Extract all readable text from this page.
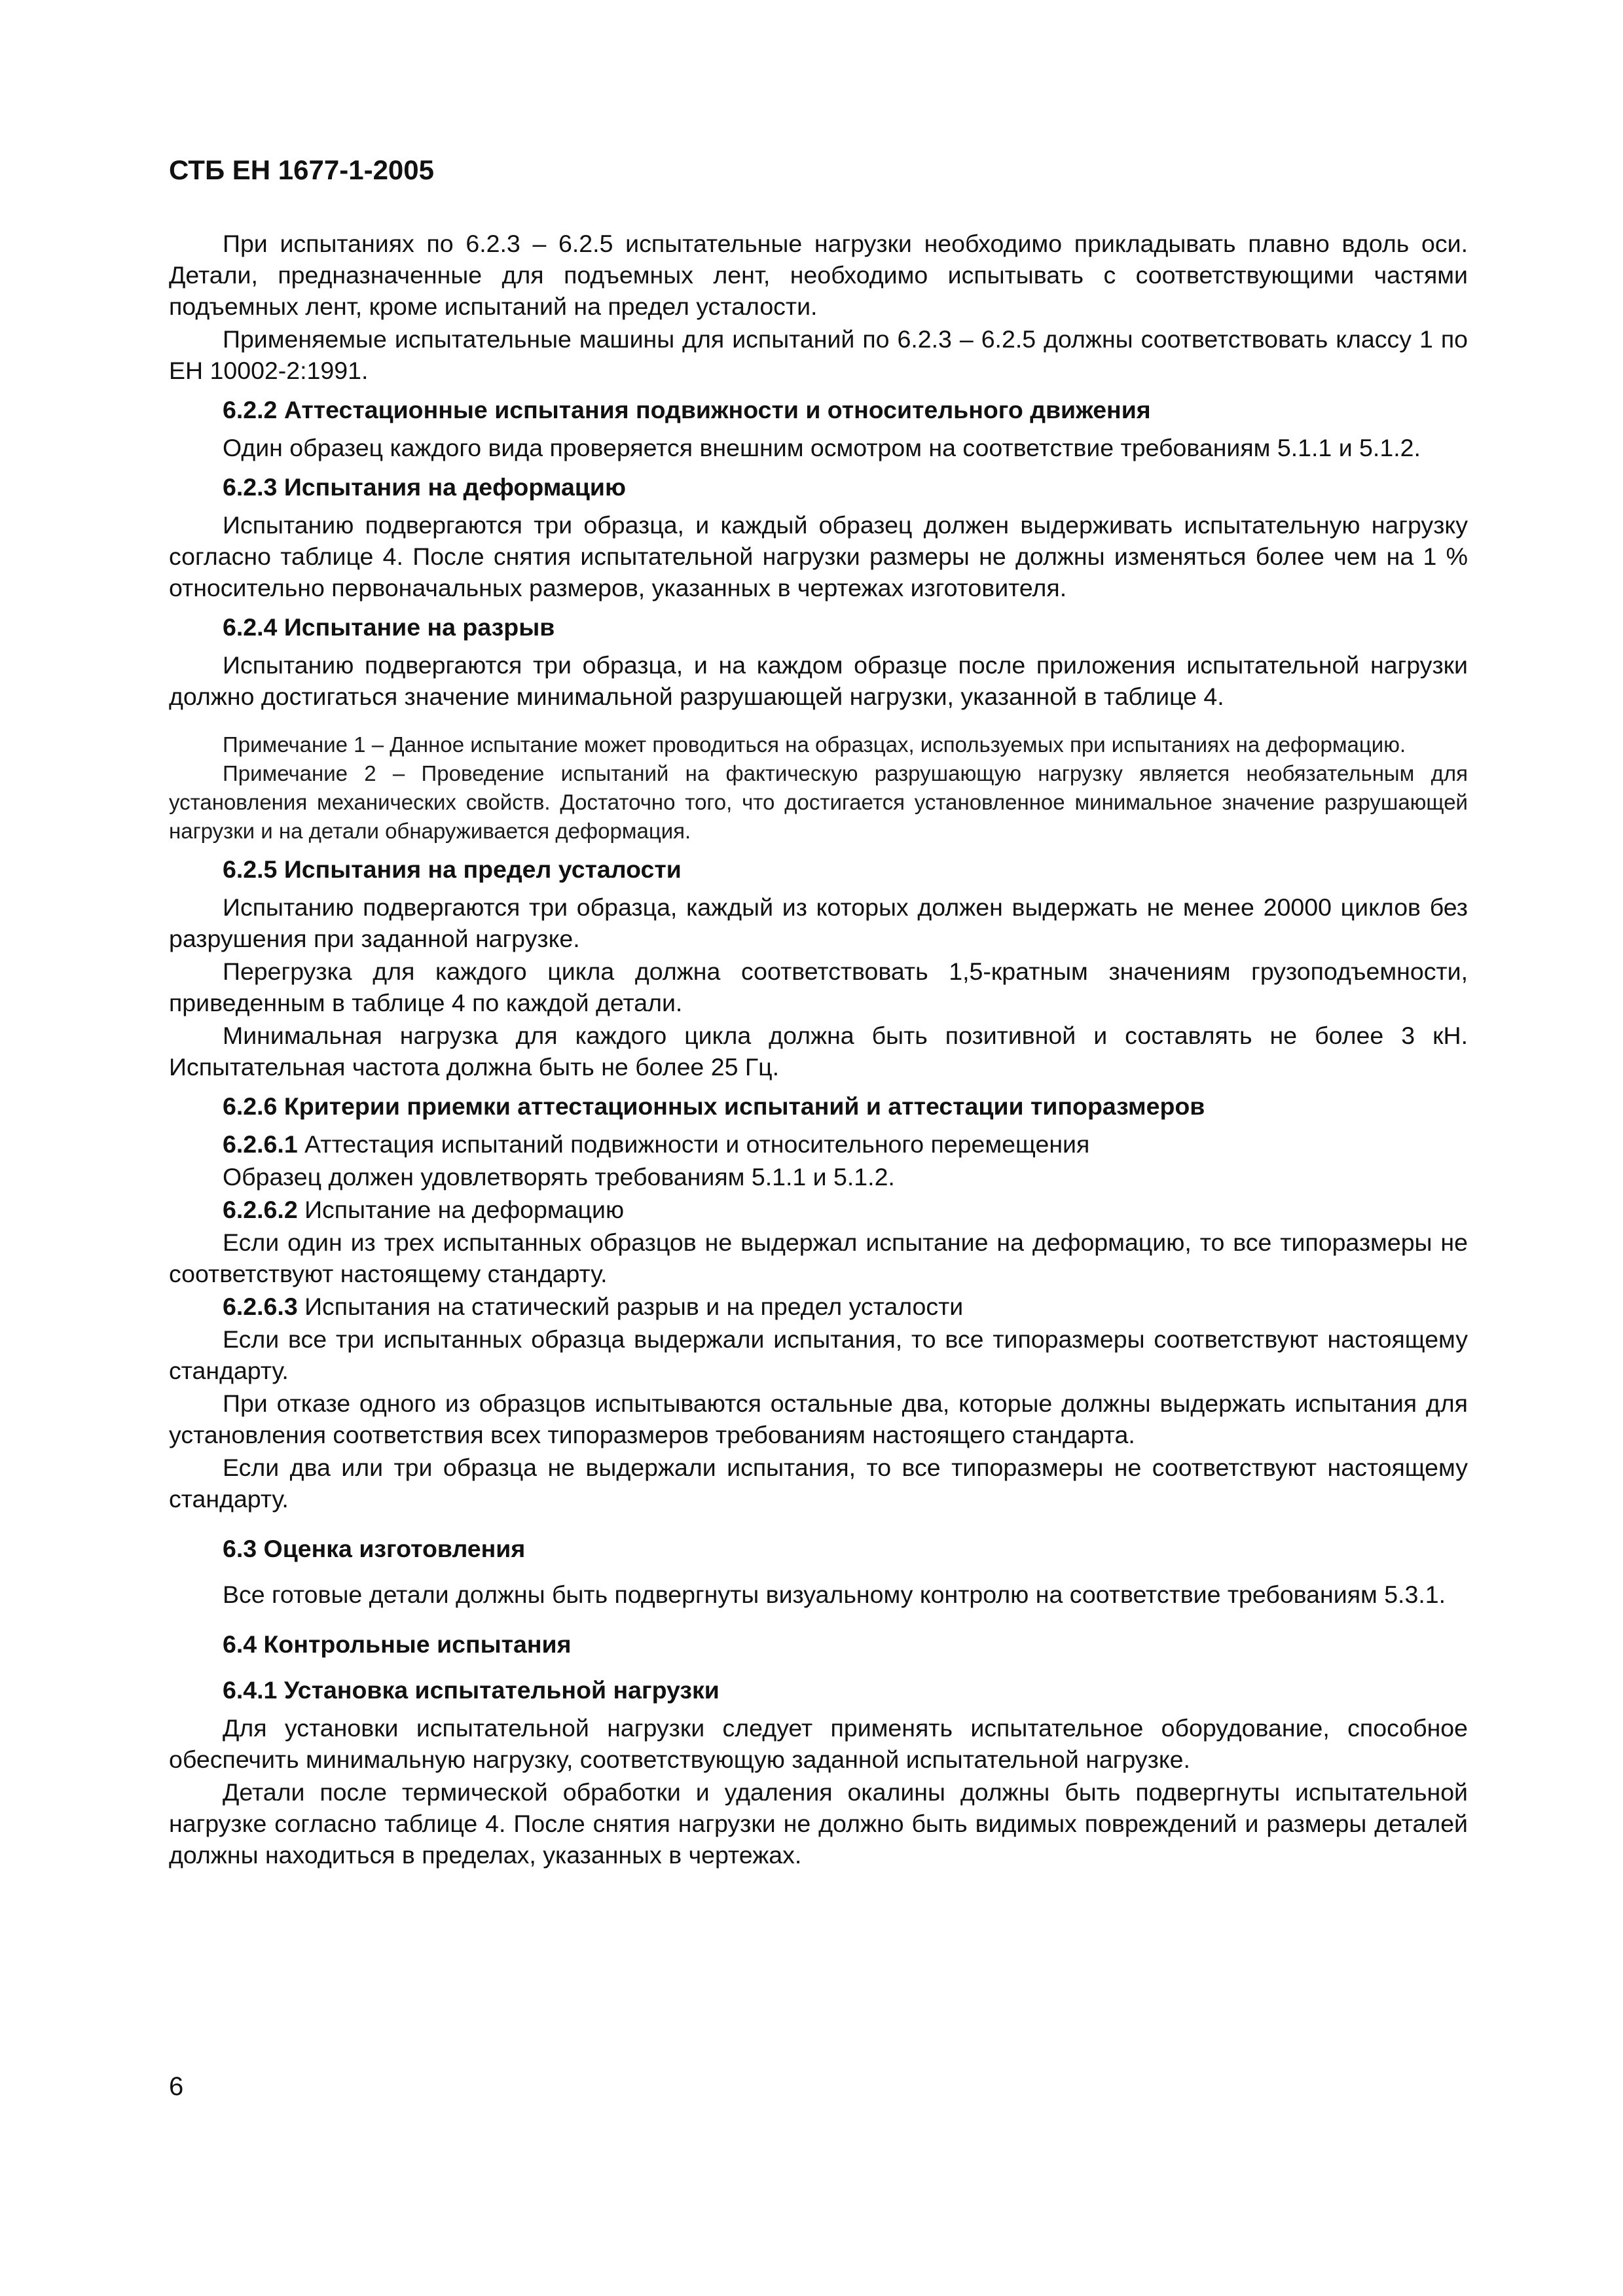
СТБ ЕН 1677-1-2005

При испытаниях по 6.2.3 – 6.2.5 испытательные нагрузки необходимо прикладывать плавно вдоль оси. Детали, предназначенные для подъемных лент, необходимо испытывать с соответствующими частями подъемных лент, кроме испытаний на предел усталости.

Применяемые испытательные машины для испытаний по 6.2.3 – 6.2.5 должны соответствовать классу 1 по ЕН 10002-2:1991.

6.2.2 Аттестационные испытания подвижности и относительного движения

Один образец каждого вида проверяется внешним осмотром на соответствие требованиям 5.1.1 и 5.1.2.

6.2.3 Испытания на деформацию

Испытанию подвергаются три образца, и каждый образец должен выдерживать испытательную нагрузку согласно таблице 4. После снятия испытательной нагрузки размеры не должны изменяться более чем на 1 % относительно первоначальных размеров, указанных в чертежах изготовителя.

6.2.4 Испытание на разрыв

Испытанию подвергаются три образца, и на каждом образце после приложения испытательной нагрузки должно достигаться значение минимальной разрушающей нагрузки, указанной в таблице 4.

Примечание 1 – Данное испытание может проводиться на образцах, используемых при испытаниях на деформацию.

Примечание 2 – Проведение испытаний на фактическую разрушающую нагрузку является необязательным для установления механических свойств. Достаточно того, что достигается установленное минимальное значение разрушающей нагрузки и на детали обнаруживается деформация.

6.2.5 Испытания на предел усталости

Испытанию подвергаются три образца, каждый из которых должен выдержать не менее 20000 циклов без разрушения при заданной нагрузке.

Перегрузка для каждого цикла должна соответствовать 1,5-кратным значениям грузоподъемности, приведенным в таблице 4 по каждой детали.

Минимальная нагрузка для каждого цикла должна быть позитивной и составлять не более 3 кН. Испытательная частота должна быть не более 25 Гц.

6.2.6 Критерии приемки аттестационных испытаний и аттестации типоразмеров

6.2.6.1 Аттестация испытаний подвижности и относительного перемещения

Образец должен удовлетворять требованиям 5.1.1 и 5.1.2.

6.2.6.2 Испытание на деформацию

Если один из трех испытанных образцов не выдержал испытание на деформацию, то все типоразмеры не соответствуют настоящему стандарту.

6.2.6.3 Испытания на статический разрыв и на предел усталости

Если все три испытанных образца выдержали испытания, то все типоразмеры соответствуют настоящему стандарту.

При отказе одного из образцов испытываются остальные два, которые должны выдержать испытания для установления соответствия всех типоразмеров требованиям настоящего стандарта.

Если два или три образца не выдержали испытания, то все типоразмеры не соответствуют настоящему стандарту.

6.3 Оценка изготовления

Все готовые детали должны быть подвергнуты визуальному контролю на соответствие требованиям 5.3.1.

6.4 Контрольные испытания

6.4.1 Установка испытательной нагрузки

Для установки испытательной нагрузки следует применять испытательное оборудование, способное обеспечить минимальную нагрузку, соответствующую заданной испытательной нагрузке.

Детали после термической обработки и удаления окалины должны быть подвергнуты испытательной нагрузке согласно таблице 4. После снятия нагрузки не должно быть видимых повреждений и размеры деталей должны находиться в пределах, указанных в чертежах.

6
